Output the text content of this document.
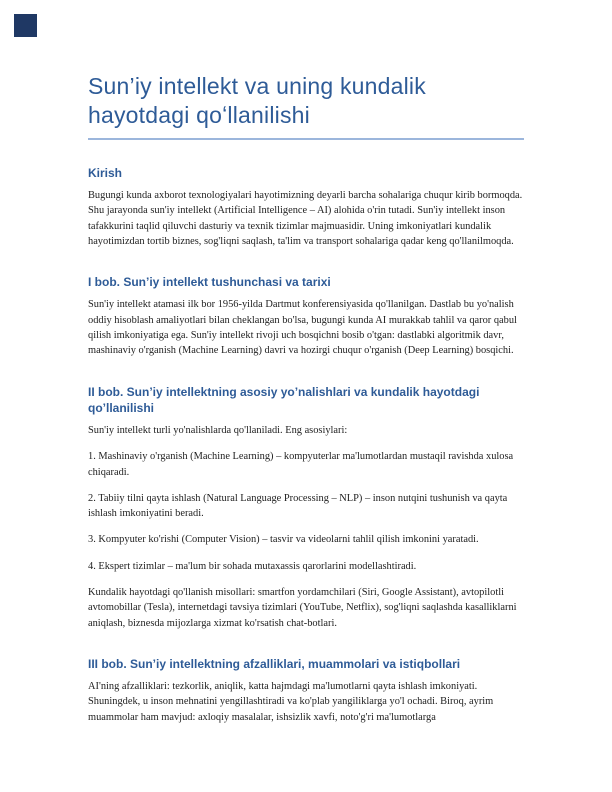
Sun’iy intellekt va uning kundalik hayotdagi qoʻllanilishi
Kirish

Bugungi kunda axborot texnologiyalari hayotimizning deyarli barcha sohalariga chuqur kirib bormoqda. Shu jarayonda sun'iy intellekt (Artificial Intelligence – AI) alohida o'rin tutadi. Sun'iy intellekt inson tafakkurini taqlid qiluvchi dasturiy va texnik tizimlar majmuasidir. Uning imkoniyatlari kundalik hayotimizdan tortib biznes, sog'liqni saqlash, ta'lim va transport sohalariga qadar keng qo'llanilmoqda.

I bob. Sun’iy intellekt tushunchasi va tarixi

Sun'iy intellekt atamasi ilk bor 1956-yilda Dartmut konferensiyasida qo'llanilgan. Dastlab bu yo'nalish oddiy hisoblash amaliyotlari bilan cheklangan bo'lsa, bugungi kunda AI murakkab tahlil va qaror qabul qilish imkoniyatiga ega. Sun'iy intellekt rivoji uch bosqichni bosib o'tgan: dastlabki algoritmik davr, mashinaviy o'rganish (Machine Learning) davri va hozirgi chuqur o'rganish (Deep Learning) bosqichi.

II bob. Sun’iy intellektning asosiy yo’nalishlari va kundalik hayotdagi qo’llanilishi

Sun'iy intellekt turli yo'nalishlarda qo'llaniladi. Eng asosiylari:

1. Mashinaviy o'rganish (Machine Learning) – kompyuterlar ma'lumotlardan mustaqil ravishda xulosa chiqaradi.

2. Tabiiy tilni qayta ishlash (Natural Language Processing – NLP) – inson nutqini tushunish va qayta ishlash imkoniyatini beradi.

3. Kompyuter ko'rishi (Computer Vision) – tasvir va videolarni tahlil qilish imkonini yaratadi.

4. Ekspert tizimlar – ma'lum bir sohada mutaxassis qarorlarini modellashtiradi.

Kundalik hayotdagi qo'llanish misollari: smartfon yordamchilari (Siri, Google Assistant), avtopilotli avtomobillar (Tesla), internetdagi tavsiya tizimlari (YouTube, Netflix), sog'liqni saqlashda kasalliklarni aniqlash, biznesda mijozlarga xizmat ko'rsatish chat-botlari.

III bob. Sun’iy intellektning afzalliklari, muammolari va istiqbollari

AI'ning afzalliklari: tezkorlik, aniqlik, katta hajmdagi ma'lumotlarni qayta ishlash imkoniyati. Shuningdek, u inson mehnatini yengillashtiradi va ko'plab yangiliklarga yo'l ochadi. Biroq, ayrim muammolar ham mavjud: axloqiy masalalar, ishsizlik xavfi, noto'g'ri ma'lumotlarga
